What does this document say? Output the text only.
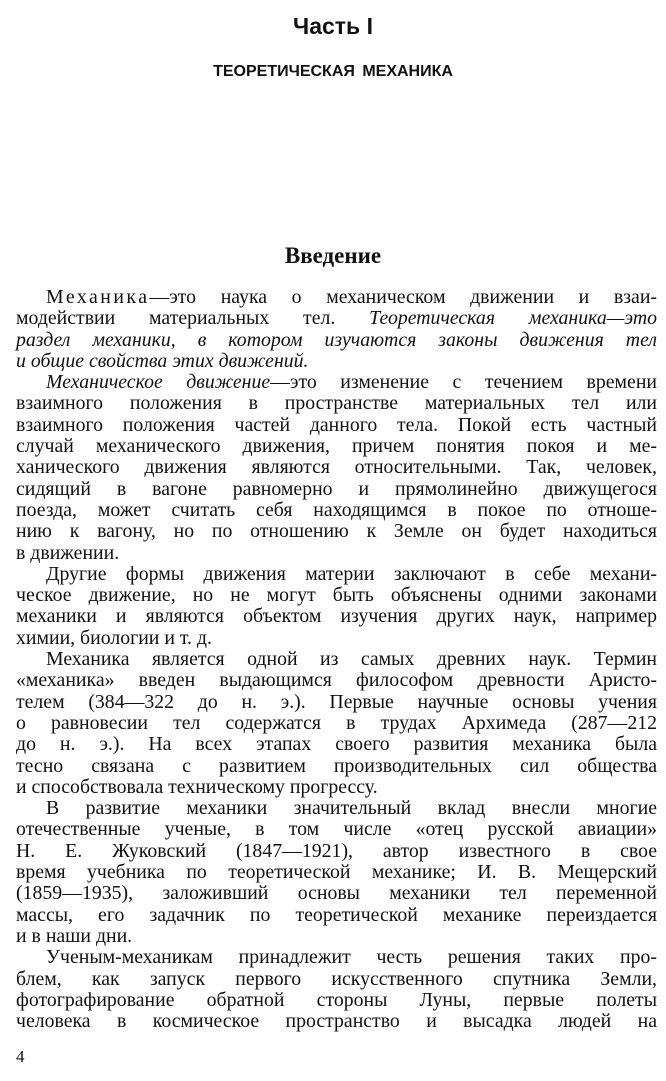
Часть I
ТЕОРЕТИЧЕСКАЯ МЕХАНИКА
Введение
Механика—это наука о механическом движении и взаи-
модействии материальных тел. Теоретическая механика—это
раздел механики, в котором изучаются законы движения тел
и общие свойства этих движений.
Механическое движение—это изменение с течением времени
взаимного положения в пространстве материальных тел или
взаимного положения частей данного тела. Покой есть частный
случай механического движения, причем понятия покоя и ме-
ханического движения являются относительными. Так, человек,
сидящий в вагоне равномерно и прямолинейно движущегося
поезда, может считать себя находящимся в покое по отноше-
нию к вагону, но по отношению к Земле он будет находиться
в движении.
Другие формы движения материи заключают в себе механи-
ческое движение, но не могут быть объяснены одними законами
механики и являются объектом изучения других наук, например
химии, биологии и т. д.
Механика является одной из самых древних наук. Термин
«механика» введен выдающимся философом древности Аристо-
телем (384—322 до н. э.). Первые научные основы учения
о равновесии тел содержатся в трудах Архимеда (287—212
до н. э.). На всех этапах своего развития механика была
тесно связана с развитием производительных сил общества
и способствовала техническому прогрессу.
В развитие механики значительный вклад внесли многие
отечественные ученые, в том числе «отец русской авиации»
Н. Е. Жуковский (1847—1921), автор известного в свое
время учебника по теоретической механике; И. В. Мещерский
(1859—1935), заложивший основы механики тел переменной
массы, его задачник по теоретической механике переиздается
и в наши дни.
Ученым-механикам принадлежит честь решения таких про-
блем, как запуск первого искусственного спутника Земли,
фотографирование обратной стороны Луны, первые полеты
человека в космическое пространство и высадка людей на
4
